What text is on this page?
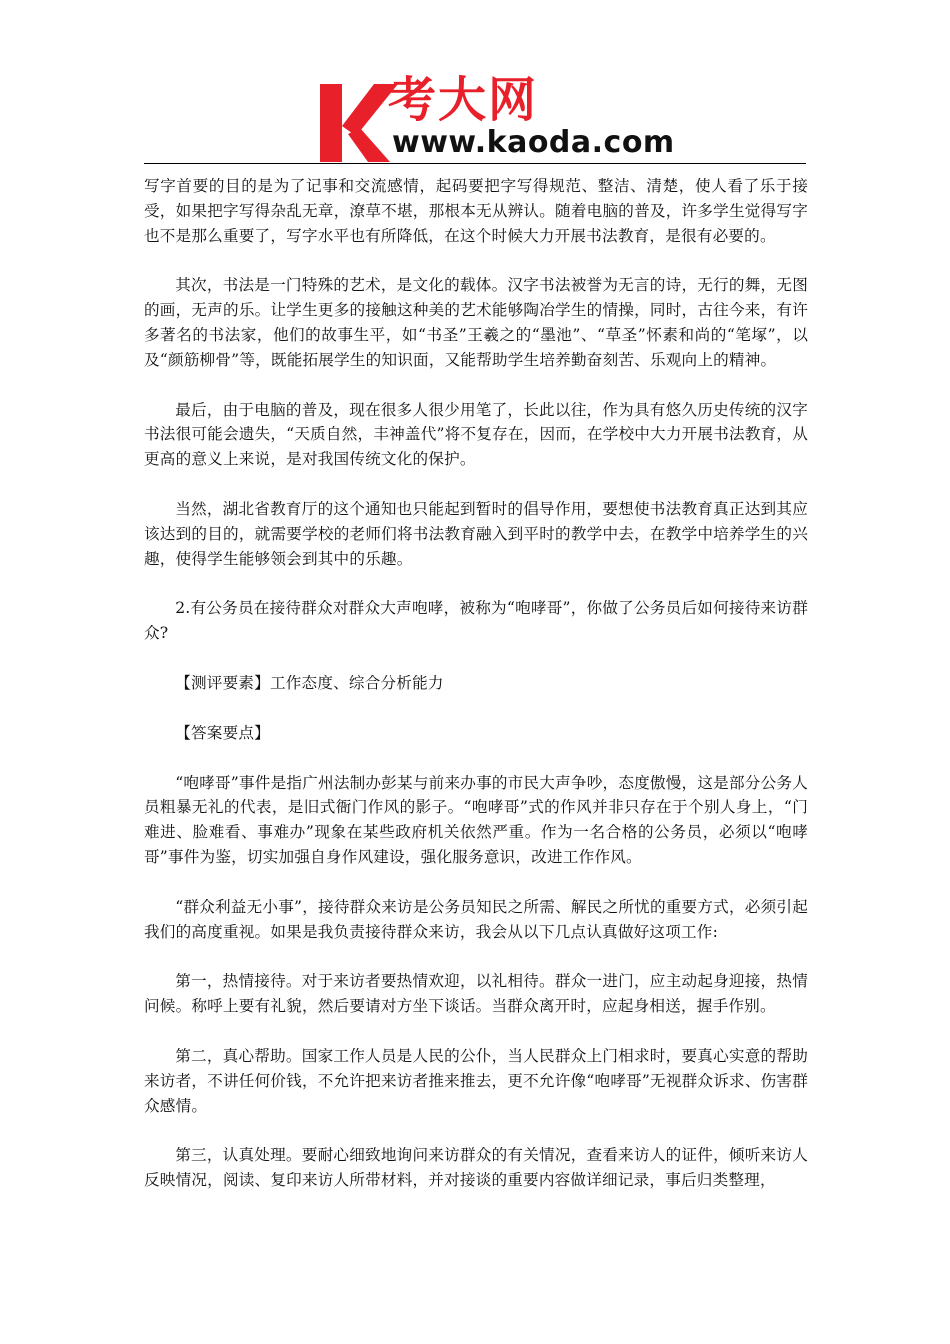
考大网
www.kaoda.com

写字首要的目的是为了记事和交流感情，起码要把字写得规范、整洁、清楚，使人看了乐于接受，如果把字写得杂乱无章，潦草不堪，那根本无从辨认。随着电脑的普及，许多学生觉得写字也不是那么重要了，写字水平也有所降低，在这个时候大力开展书法教育，是很有必要的。

其次，书法是一门特殊的艺术，是文化的载体。汉字书法被誉为无言的诗，无行的舞，无图的画，无声的乐。让学生更多的接触这种美的艺术能够陶冶学生的情操，同时，古往今来，有许多著名的书法家，他们的故事生平，如“书圣”王羲之的“墨池”、“草圣”怀素和尚的“笔塚”，以及“颜筋柳骨”等，既能拓展学生的知识面，又能帮助学生培养勤奋刻苦、乐观向上的精神。

最后，由于电脑的普及，现在很多人很少用笔了，长此以往，作为具有悠久历史传统的汉字书法很可能会遗失，“天质自然，丰神盖代”将不复存在，因而，在学校中大力开展书法教育，从更高的意义上来说，是对我国传统文化的保护。

当然，湖北省教育厅的这个通知也只能起到暂时的倡导作用，要想使书法教育真正达到其应该达到的目的，就需要学校的老师们将书法教育融入到平时的教学中去，在教学中培养学生的兴趣，使得学生能够领会到其中的乐趣。

2.有公务员在接待群众对群众大声咆哮，被称为“咆哮哥”，你做了公务员后如何接待来访群众?

【测评要素】工作态度、综合分析能力

【答案要点】

“咆哮哥”事件是指广州法制办彭某与前来办事的市民大声争吵，态度傲慢，这是部分公务人员粗暴无礼的代表，是旧式衙门作风的影子。“咆哮哥”式的作风并非只存在于个别人身上，“门难进、脸难看、事难办”现象在某些政府机关依然严重。作为一名合格的公务员，必须以“咆哮哥”事件为鉴，切实加强自身作风建设，强化服务意识，改进工作作风。

“群众利益无小事”，接待群众来访是公务员知民之所需、解民之所忧的重要方式，必须引起我们的高度重视。如果是我负责接待群众来访，我会从以下几点认真做好这项工作:

第一，热情接待。对于来访者要热情欢迎，以礼相待。群众一进门，应主动起身迎接，热情问候。称呼上要有礼貌，然后要请对方坐下谈话。当群众离开时，应起身相送，握手作别。

第二，真心帮助。国家工作人员是人民的公仆，当人民群众上门相求时，要真心实意的帮助来访者，不讲任何价钱，不允许把来访者推来推去，更不允许像“咆哮哥”无视群众诉求、伤害群众感情。

第三，认真处理。要耐心细致地询问来访群众的有关情况，查看来访人的证件，倾听来访人反映情况，阅读、复印来访人所带材料，并对接谈的重要内容做详细记录，事后归类整理，
